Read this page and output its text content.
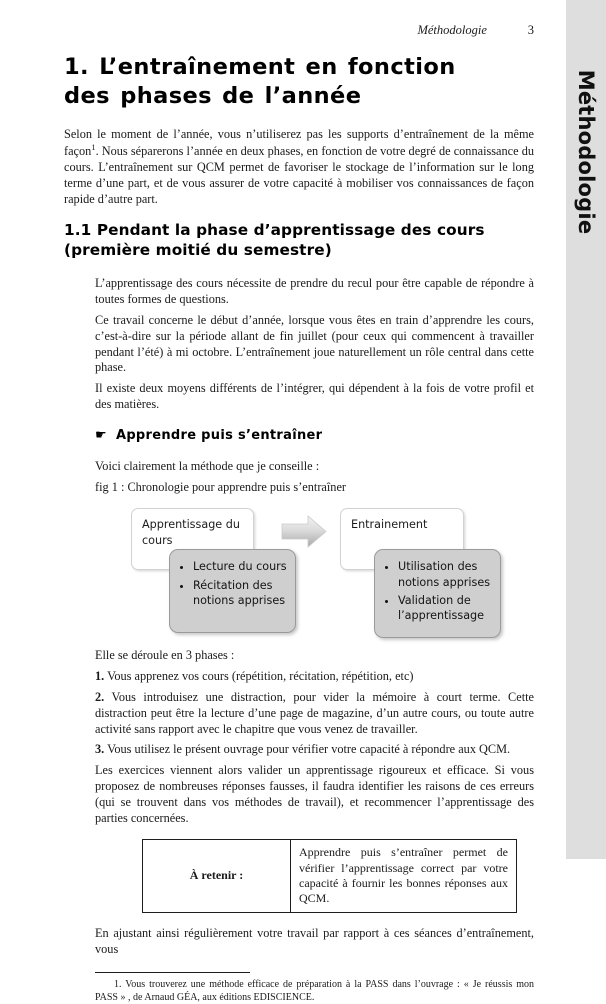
Méthodologie	3
1. L’entraînement en fonction
des phases de l’année

Selon le moment de l’année, vous n’utiliserez pas les supports d’entraînement de la même façon$^1$. Nous séparerons l’année en deux phases, en fonction de votre degré de connaissance du cours. L’entraînement sur QCM permet de favoriser le stockage de l’information sur le long terme d’une part, et de vous assurer de votre capacité à mobiliser vos connaissances de façon rapide d’autre part.

1.1 Pendant la phase d’apprentissage des cours
(première moitié du semestre)

L’apprentissage des cours nécessite de prendre du recul pour être capable de répondre à toutes formes de questions.

Ce travail concerne le début d’année, lorsque vous êtes en train d’apprendre les cours, c’est-à-dire sur la période allant de fin juillet (pour ceux qui commencent à travailler pendant l’été) à mi octobre. L’entraînement joue naturellement un rôle central dans cette phase.

Il existe deux moyens différents de l’intégrer, qui dépendent à la fois de votre profil et des matières.

☛ Apprendre puis s’entraîner

Voici clairement la méthode que je conseille :

fig 1 : Chronologie pour apprendre puis s’entraîner

Apprentissage du cours
Entrainement
• Lecture du cours
• Récitation des notions apprises
• Utilisation des notions apprises
• Validation de l’apprentissage

Elle se déroule en 3 phases :

1. Vous apprenez vos cours (répétition, récitation, répétition, etc)

2. Vous introduisez une distraction, pour vider la mémoire à court terme. Cette distraction peut être la lecture d’une page de magazine, d’un autre cours, ou toute autre activité sans rapport avec le chapitre que vous venez de travailler.

3. Vous utilisez le présent ouvrage pour vérifier votre capacité à répondre aux QCM.

Les exercices viennent alors valider un apprentissage rigoureux et efficace. Si vous proposez de nombreuses réponses fausses, il faudra identifier les raisons de ces erreurs (qui se trouvent dans vos méthodes de travail), et recommencer l’apprentissage des parties concernées.

À retenir :	Apprendre puis s’entraîner permet de vérifier l’apprentissage correct par votre capacité à fournir les bonnes réponses aux QCM.

En ajustant ainsi régulièrement votre travail par rapport à ces séances d’entraînement, vous

1. Vous trouverez une méthode efficace de préparation à la PASS dans l’ouvrage : « Je réussis mon PASS » , de Arnaud GÉA, aux éditions EDISCIENCE.

Méthodologie
